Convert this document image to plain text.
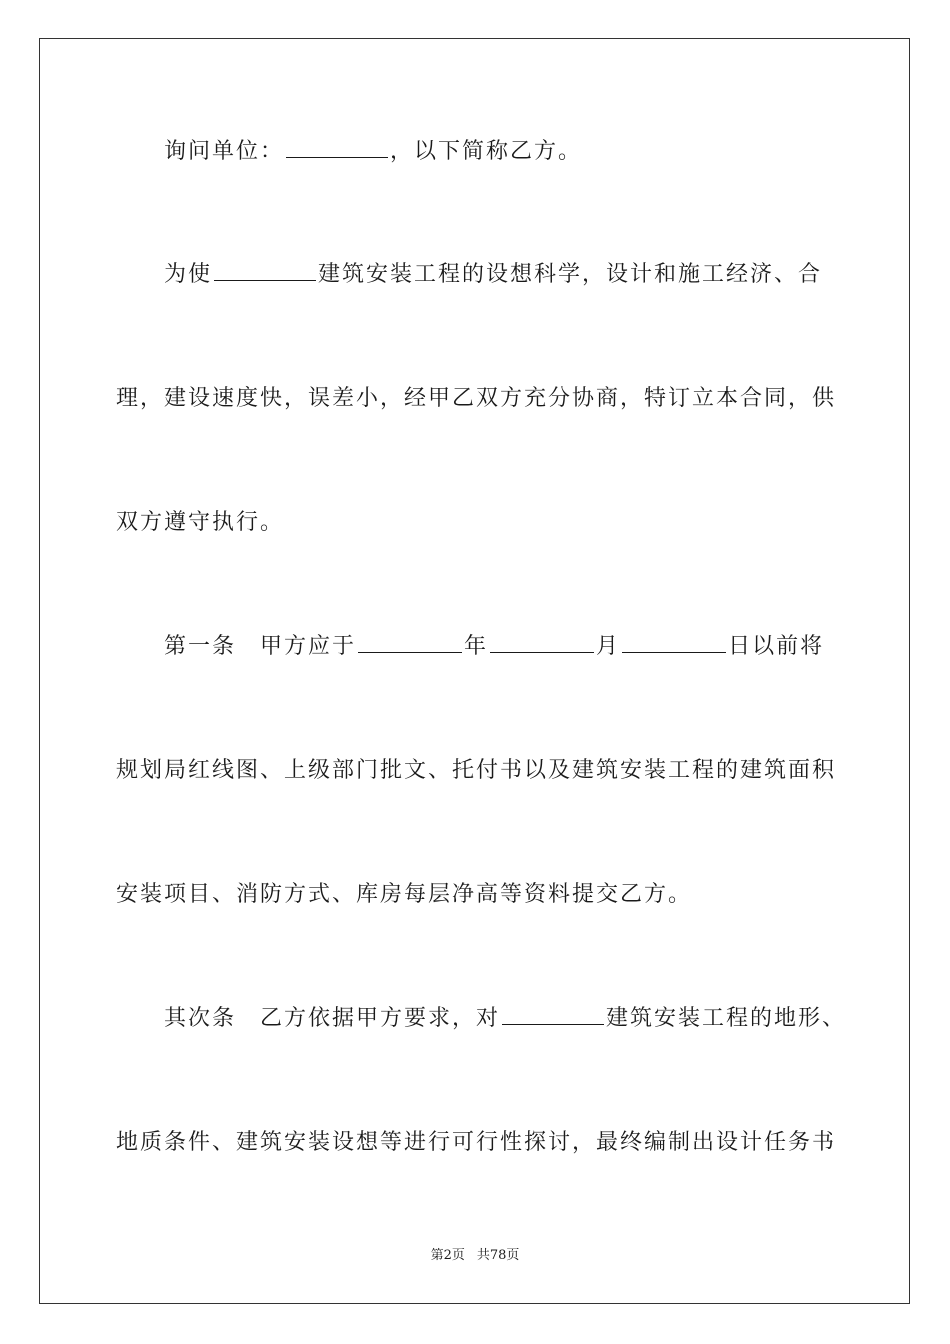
询问单位：	，以下简称乙方。
为使	建筑安装工程的设想科学，设计和施工经济、合
理，建设速度快，误差小，经甲乙双方充分协商，特订立本合同，供
双方遵守执行。
第一条 甲方应于	年	月	日以前将
规划局红线图、上级部门批文、托付书以及建筑安装工程的建筑面积
安装项目、消防方式、库房每层净高等资料提交乙方。
其次条 乙方依据甲方要求，对	建筑安装工程的地形、
地质条件、建筑安装设想等进行可行性探讨，最终编制出设计任务书
第2页 共78页
